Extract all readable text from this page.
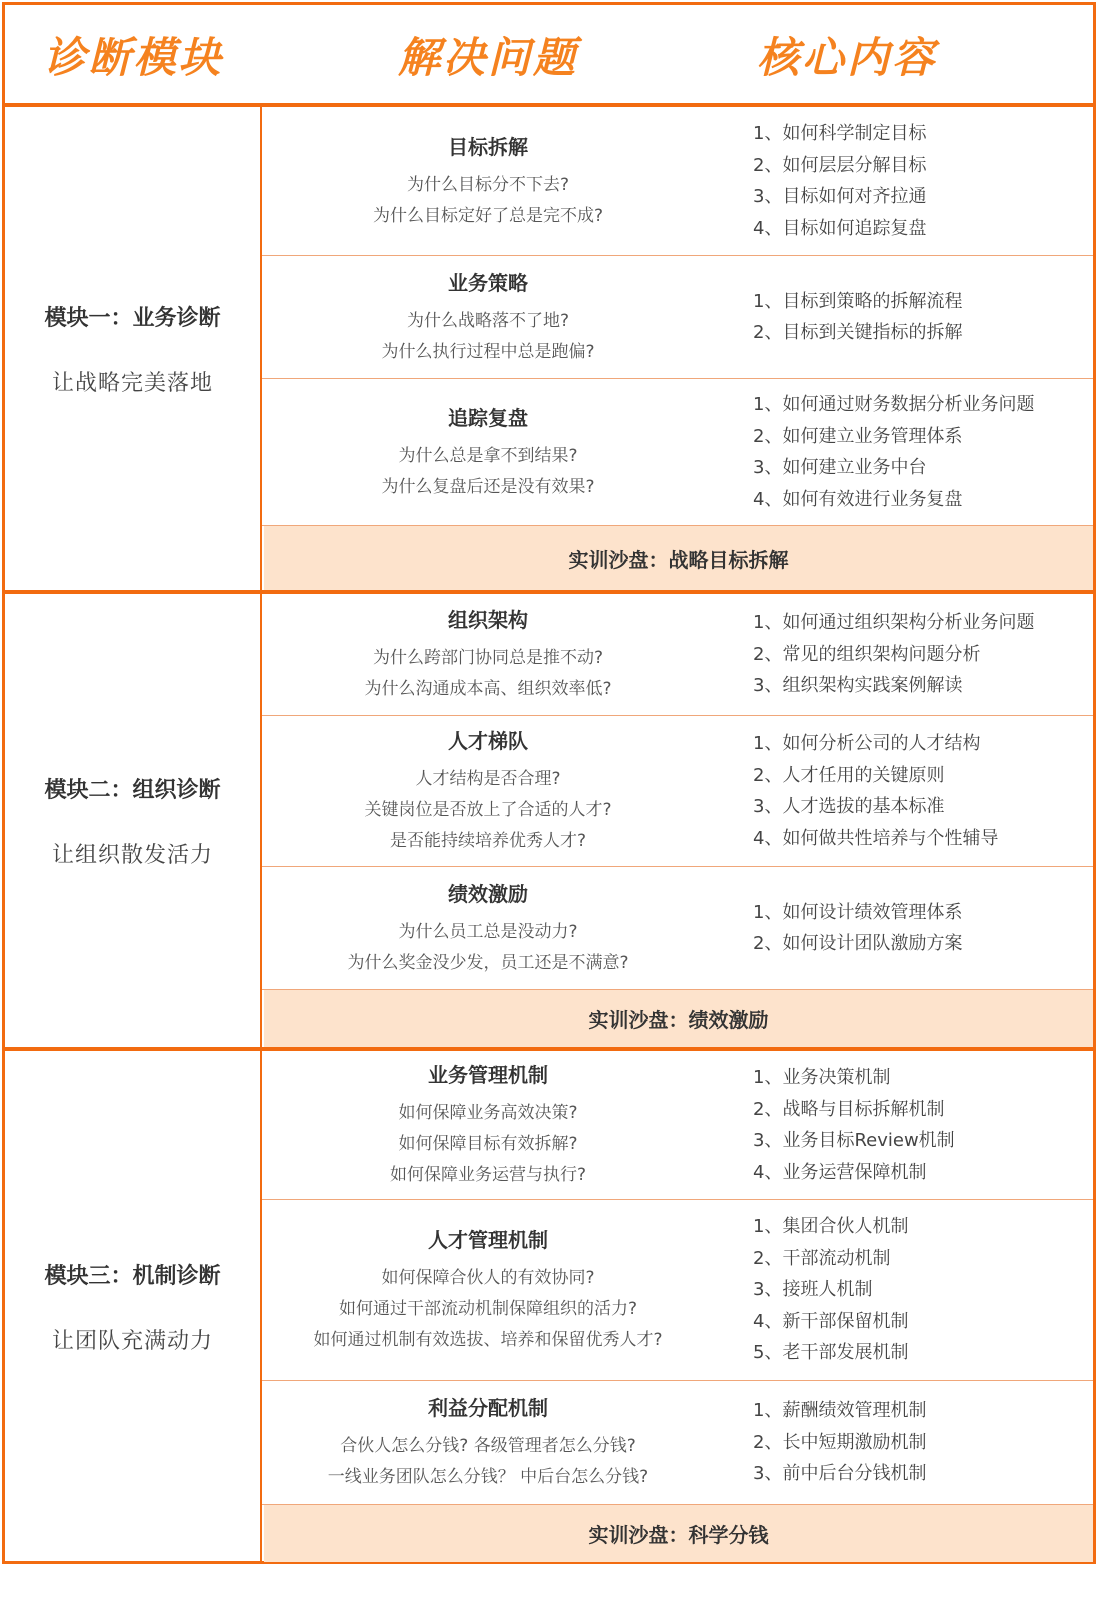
诊断模块	解决问题	核心内容
模块一：业务诊断
让战略完美落地
目标拆解
为什么目标分不下去?
为什么目标定好了总是完不成?
1、如何科学制定目标
2、如何层层分解目标
3、目标如何对齐拉通
4、目标如何追踪复盘
业务策略
为什么战略落不了地?
为什么执行过程中总是跑偏?
1、目标到策略的拆解流程
2、目标到关键指标的拆解
追踪复盘
为什么总是拿不到结果?
为什么复盘后还是没有效果?
1、如何通过财务数据分析业务问题
2、如何建立业务管理体系
3、如何建立业务中台
4、如何有效进行业务复盘
实训沙盘：战略目标拆解
模块二：组织诊断
让组织散发活力
组织架构
为什么跨部门协同总是推不动?
为什么沟通成本高、组织效率低?
1、如何通过组织架构分析业务问题
2、常见的组织架构问题分析
3、组织架构实践案例解读
人才梯队
人才结构是否合理?
关键岗位是否放上了合适的人才?
是否能持续培养优秀人才?
1、如何分析公司的人才结构
2、人才任用的关键原则
3、人才选拔的基本标准
4、如何做共性培养与个性辅导
绩效激励
为什么员工总是没动力?
为什么奖金没少发，员工还是不满意?
1、如何设计绩效管理体系
2、如何设计团队激励方案
实训沙盘：绩效激励
模块三：机制诊断
让团队充满动力
业务管理机制
如何保障业务高效决策?
如何保障目标有效拆解?
如何保障业务运营与执行?
1、业务决策机制
2、战略与目标拆解机制
3、业务目标Review机制
4、业务运营保障机制
人才管理机制
如何保障合伙人的有效协同?
如何通过干部流动机制保障组织的活力?
如何通过机制有效选拔、培养和保留优秀人才?
1、集团合伙人机制
2、干部流动机制
3、接班人机制
4、新干部保留机制
5、老干部发展机制
利益分配机制
合伙人怎么分钱? 各级管理者怎么分钱?
一线业务团队怎么分钱？ 中后台怎么分钱?
1、薪酬绩效管理机制
2、长中短期激励机制
3、前中后台分钱机制
实训沙盘：科学分钱
